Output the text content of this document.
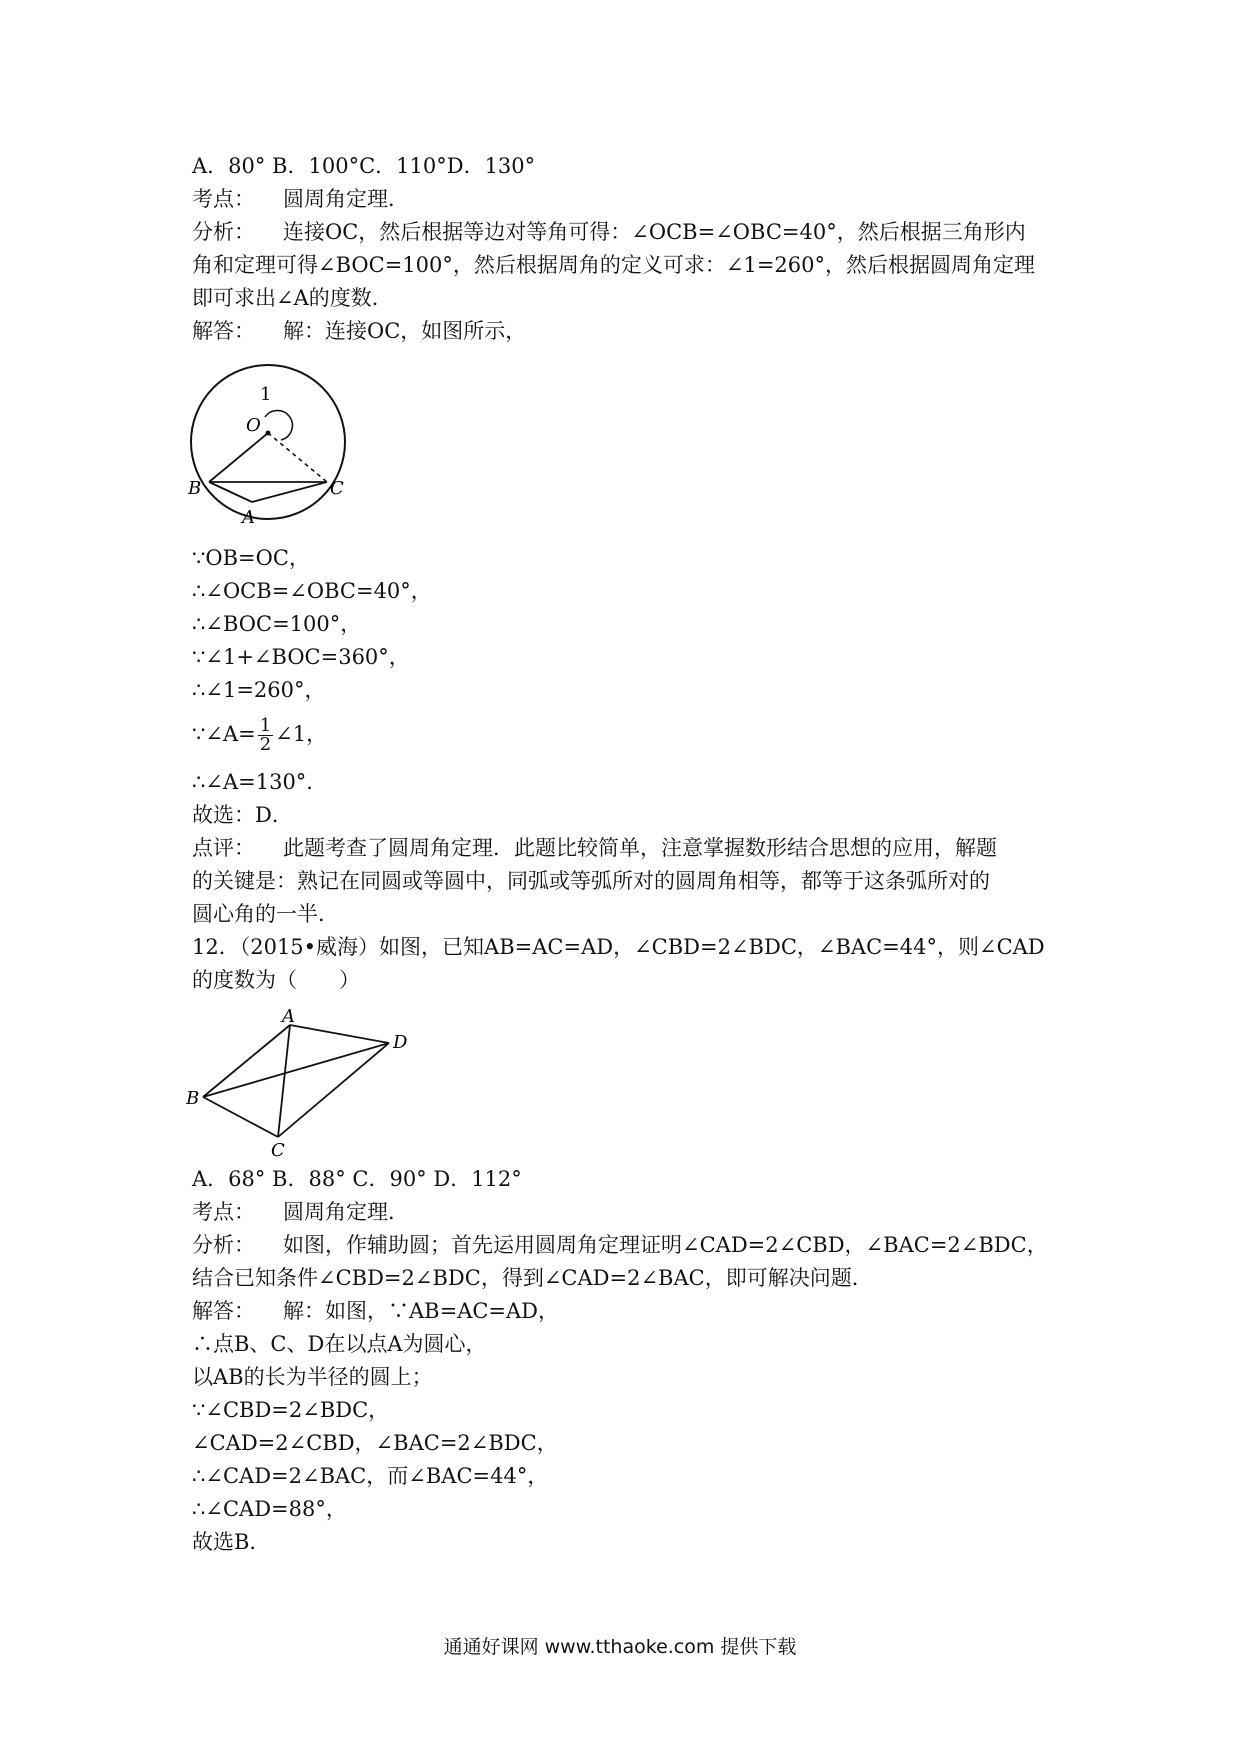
A．80° B．100°C．110°D．130°
考点： 圆周角定理．
分析： 连接OC，然后根据等边对等角可得：∠OCB=∠OBC=40°，然后根据三角形内
角和定理可得∠BOC=100°，然后根据周角的定义可求：∠1=260°，然后根据圆周角定理
即可求出∠A的度数．
解答： 解：连接OC，如图所示，
1
O
B	C
A
∵OB=OC，
∴∠OCB=∠OBC=40°，
∴∠BOC=100°，
∵∠1+∠BOC=360°，
∴∠1=260°，
∵∠A= $\frac{1}{2}$ ∠1，
∴∠A=130°．
故选：D．
点评： 此题考查了圆周角定理．此题比较简单，注意掌握数形结合思想的应用，解题
的关键是：熟记在同圆或等圆中，同弧或等弧所对的圆周角相等，都等于这条弧所对的
圆心角的一半．
12．（2015•威海）如图，已知AB=AC=AD，∠CBD=2∠BDC，∠BAC=44°，则∠CAD
的度数为（　　）
A
D
B
C
A．68° B．88° C．90° D．112°
考点： 圆周角定理．
分析： 如图，作辅助圆；首先运用圆周角定理证明∠CAD=2∠CBD，∠BAC=2∠BDC，
结合已知条件∠CBD=2∠BDC，得到∠CAD=2∠BAC，即可解决问题．
解答： 解：如图，∵AB=AC=AD，
∴点B、C、D在以点A为圆心，
以AB的长为半径的圆上；
∵∠CBD=2∠BDC，
∠CAD=2∠CBD，∠BAC=2∠BDC，
∴∠CAD=2∠BAC，而∠BAC=44°，
∴∠CAD=88°，
故选B．
通通好课网 www.tthaoke.com 提供下载
